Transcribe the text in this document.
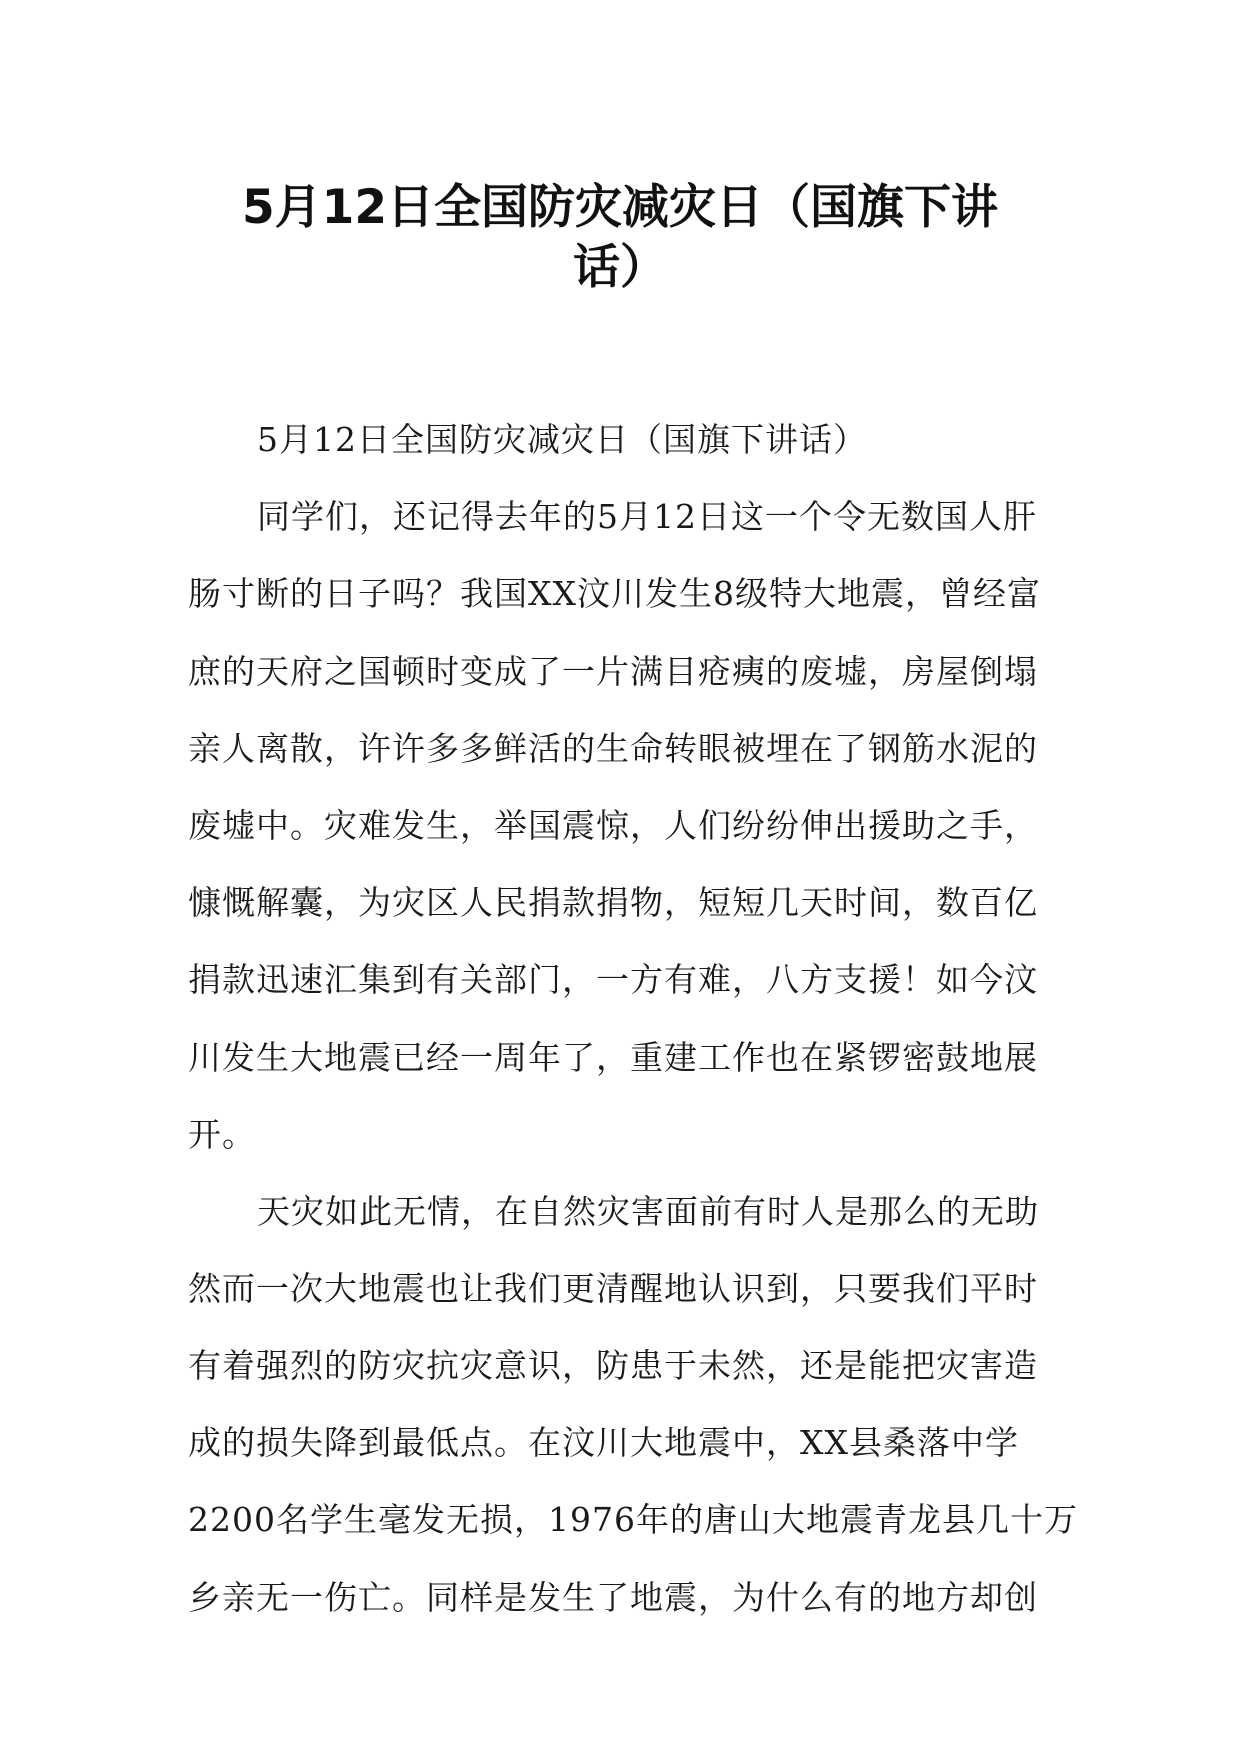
5月12日全国防灾减灾日（国旗下讲
话）
5月12日全国防灾减灾日（国旗下讲话）
同学们，还记得去年的5月12日这一个令无数国人肝
肠寸断的日子吗？我国XX汶川发生8级特大地震，曾经富
庶的天府之国顿时变成了一片满目疮痍的废墟，房屋倒塌
亲人离散，许许多多鲜活的生命转眼被埋在了钢筋水泥的
废墟中。灾难发生，举国震惊，人们纷纷伸出援助之手，
慷慨解囊，为灾区人民捐款捐物，短短几天时间，数百亿
捐款迅速汇集到有关部门，一方有难，八方支援！如今汶
川发生大地震已经一周年了，重建工作也在紧锣密鼓地展
开。
天灾如此无情，在自然灾害面前有时人是那么的无助
然而一次大地震也让我们更清醒地认识到，只要我们平时
有着强烈的防灾抗灾意识，防患于未然，还是能把灾害造
成的损失降到最低点。在汶川大地震中，XX县桑落中学
2200名学生毫发无损，1976年的唐山大地震青龙县几十万
乡亲无一伤亡。同样是发生了地震，为什么有的地方却创
